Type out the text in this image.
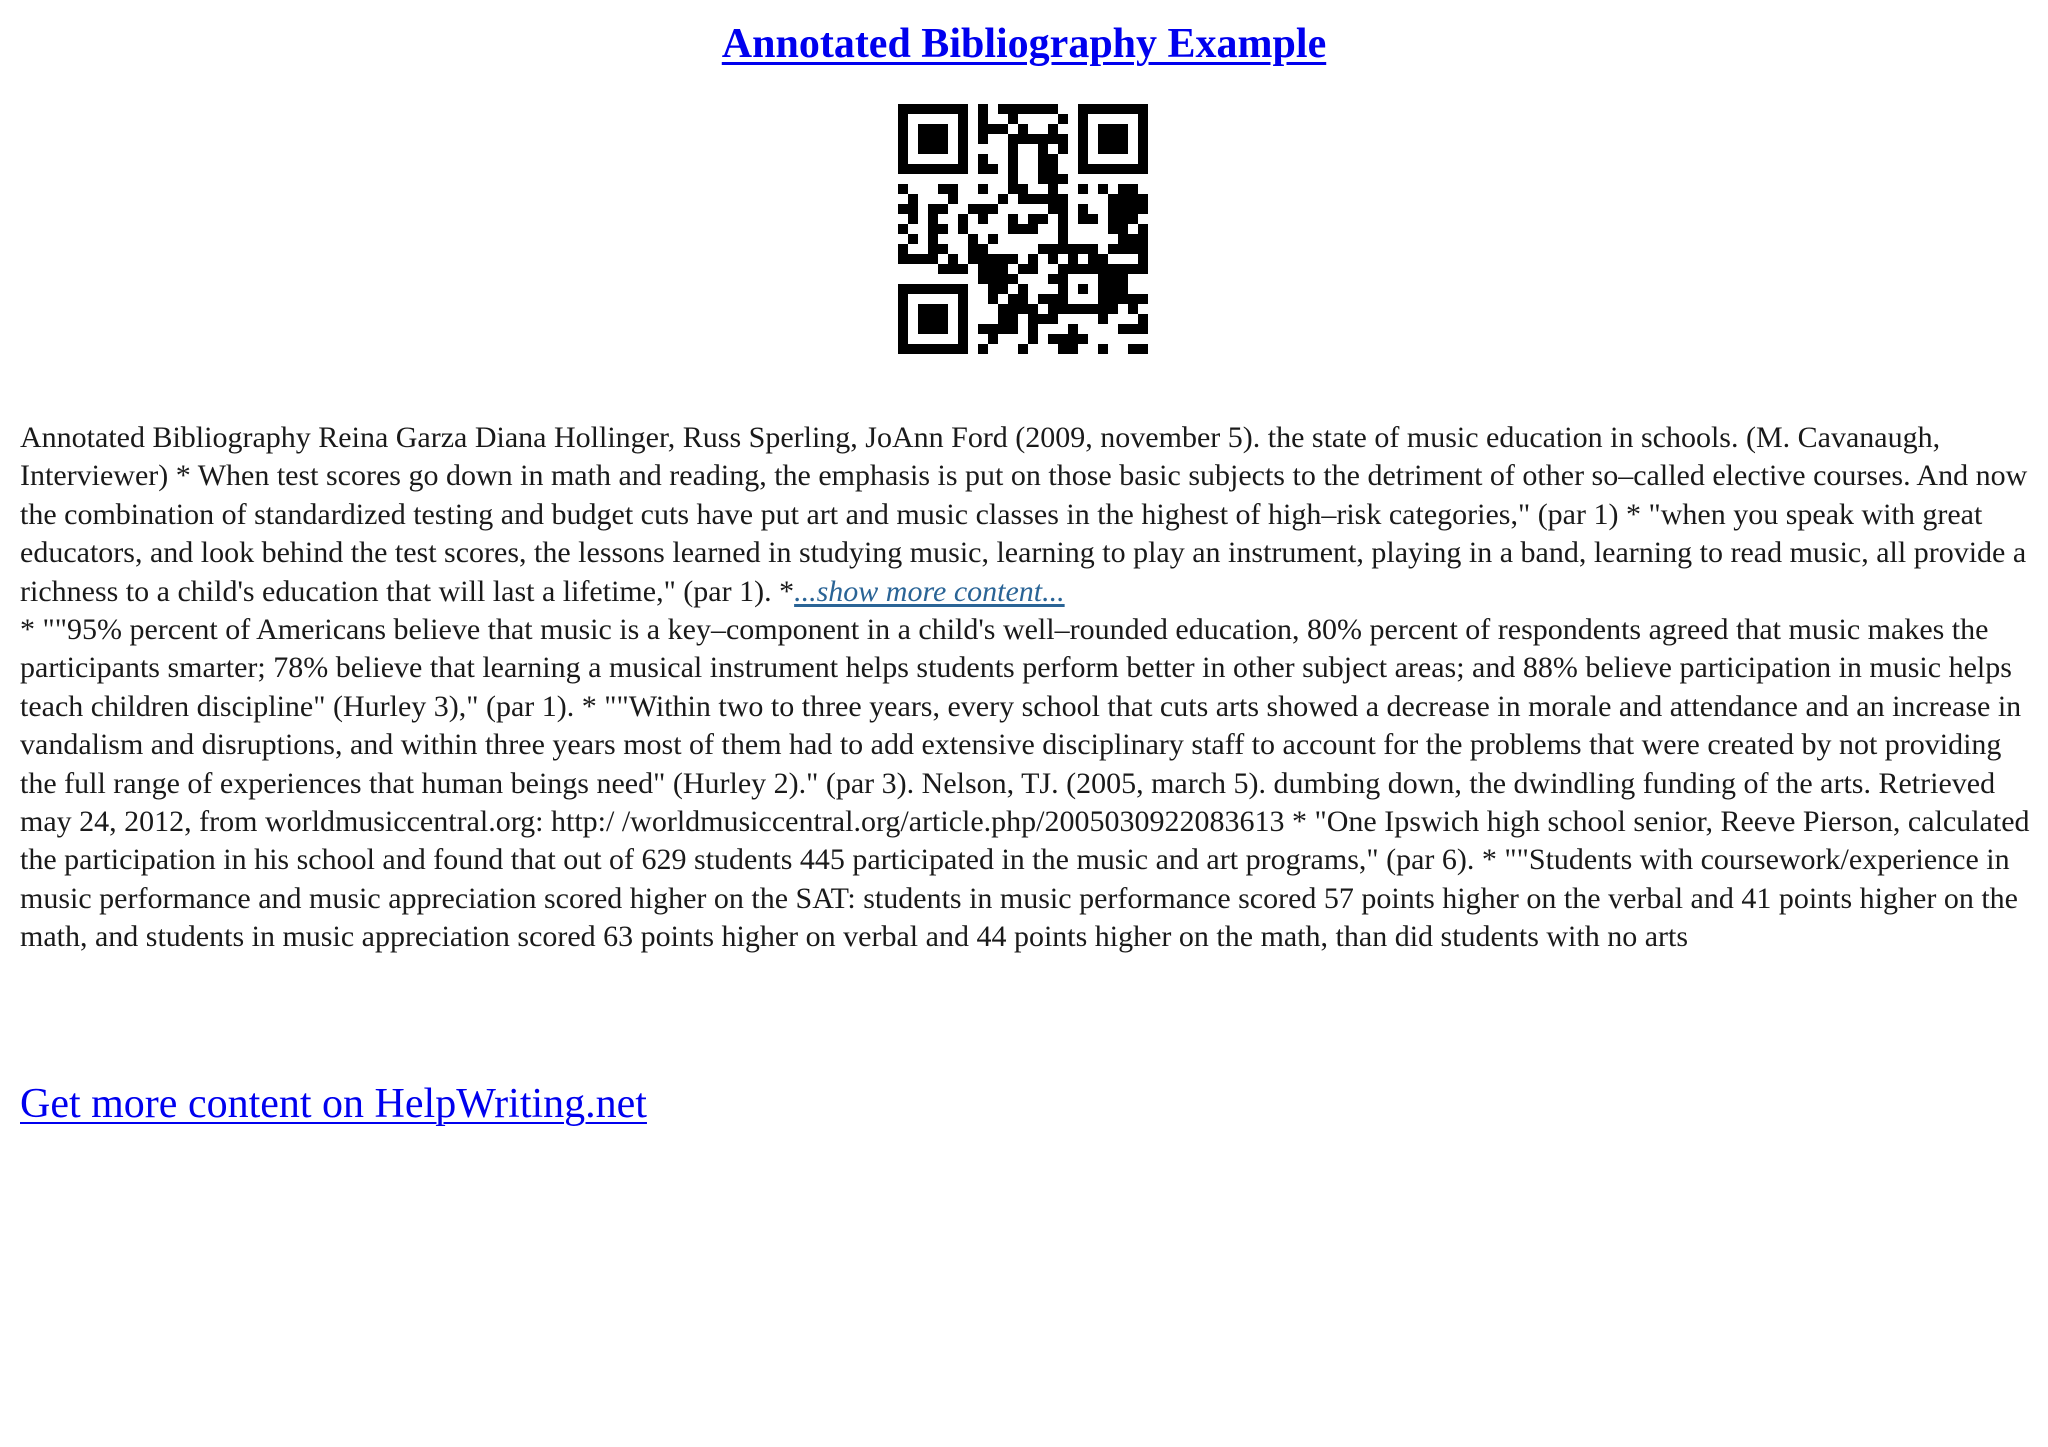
Annotated Bibliography Example

Annotated Bibliography Reina Garza Diana Hollinger, Russ Sperling, JoAnn Ford (2009, november 5). the state of music education in schools. (M. Cavanaugh, Interviewer) * When test scores go down in math and reading, the emphasis is put on those basic subjects to the detriment of other so–called elective courses. And now the combination of standardized testing and budget cuts have put art and music classes in the highest of high–risk categories," (par 1) * "when you speak with great educators, and look behind the test scores, the lessons learned in studying music, learning to play an instrument, playing in a band, learning to read music, all provide a richness to a child's education that will last a lifetime," (par 1). *...show more content...
* ""95% percent of Americans believe that music is a key–component in a child's well–rounded education, 80% percent of respondents agreed that music makes the participants smarter; 78% believe that learning a musical instrument helps students perform better in other subject areas; and 88% believe participation in music helps teach children discipline" (Hurley 3)," (par 1). * ""Within two to three years, every school that cuts arts showed a decrease in morale and attendance and an increase in vandalism and disruptions, and within three years most of them had to add extensive disciplinary staff to account for the problems that were created by not providing the full range of experiences that human beings need" (Hurley 2)." (par 3). Nelson, TJ. (2005, march 5). dumbing down, the dwindling funding of the arts. Retrieved may 24, 2012, from worldmusiccentral.org: http:/ /worldmusiccentral.org/article.php/2005030922083613 * "One Ipswich high school senior, Reeve Pierson, calculated the participation in his school and found that out of 629 students 445 participated in the music and art programs," (par 6). * ""Students with coursework/experience in music performance and music appreciation scored higher on the SAT: students in music performance scored 57 points higher on the verbal and 41 points higher on the math, and students in music appreciation scored 63 points higher on verbal and 44 points higher on the math, than did students with no arts

Get more content on HelpWriting.net
